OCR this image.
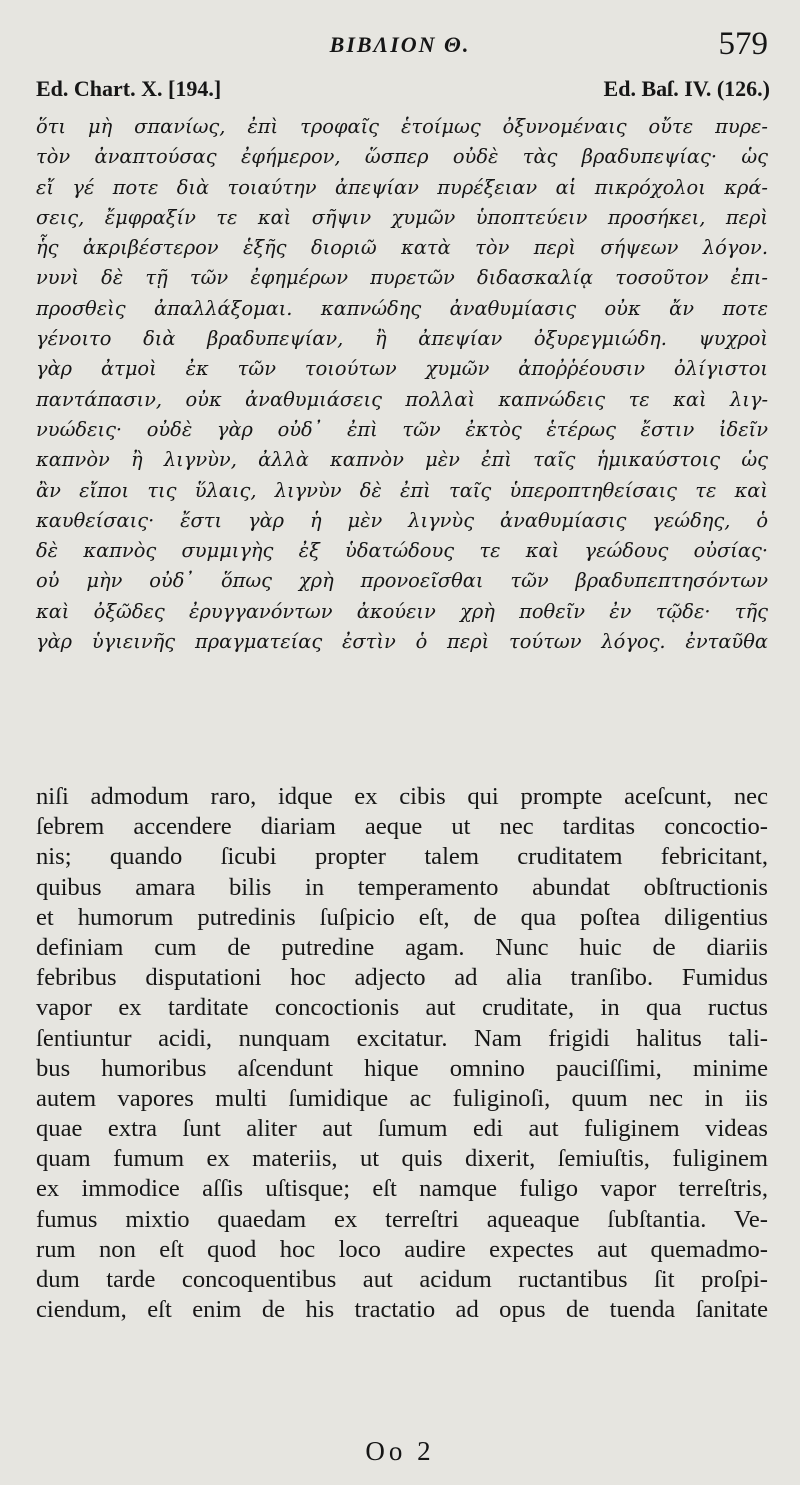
BIBΛION Θ.	579
Ed. Chart. X. [194.]	Ed. Baſ. IV. (126.)
ὅτι μὴ σπανίως, ἐπὶ τροφαῖς ἑτοίμως ὀξυνομέναις οὔτε πυρε-
τὸν ἀναπτούσας ἐφήμερον, ὥσπερ οὐδὲ τὰς βραδυπεψίας· ὡς
εἴ γέ ποτε διὰ τοιαύτην ἀπεψίαν πυρέξειαν αἱ πικρόχολοι κρά-
σεις, ἔμφραξίν τε καὶ σῆψιν χυμῶν ὑποπτεύειν προσήκει, περὶ
ἧς ἀκριβέστερον ἑξῆς διοριῶ κατὰ τὸν περὶ σήψεων λόγον.
νυνὶ δὲ τῇ τῶν ἐφημέρων πυρετῶν διδασκαλίᾳ τοσοῦτον ἐπι-
προσθεὶς ἀπαλλάξομαι. καπνώδης ἀναθυμίασις οὐκ ἄν ποτε
γένοιτο διὰ βραδυπεψίαν, ἢ ἀπεψίαν ὀξυρεγμιώδη. ψυχροὶ
γὰρ ἀτμοὶ ἐκ τῶν τοιούτων χυμῶν ἀποῤῥέουσιν ὀλίγιστοι
παντάπασιν, οὐκ ἀναθυμιάσεις πολλαὶ καπνώδεις τε καὶ λιγ-
νυώδεις· οὐδὲ γὰρ οὐδ᾽ ἐπὶ τῶν ἐκτὸς ἑτέρως ἔστιν ἰδεῖν
καπνὸν ἢ λιγνὺν, ἀλλὰ καπνὸν μὲν ἐπὶ ταῖς ἡμικαύστοις ὡς
ἂν εἴποι τις ὕλαις, λιγνὺν δὲ ἐπὶ ταῖς ὑπεροπτηθείσαις τε καὶ
καυθείσαις· ἔστι γὰρ ἡ μὲν λιγνὺς ἀναθυμίασις γεώδης, ὁ
δὲ καπνὸς συμμιγὴς ἐξ ὑδατώδους τε καὶ γεώδους οὐσίας·
οὐ μὴν οὐδ᾽ ὅπως χρὴ προνοεῖσθαι τῶν βραδυπεπτησόντων
καὶ ὀξῶδες ἐρυγγανόντων ἀκούειν χρὴ ποθεῖν ἐν τῷδε· τῆς
γὰρ ὑγιεινῆς πραγματείας ἐστὶν ὁ περὶ τούτων λόγος. ἐνταῦθα
niſi admodum raro, idque ex cibis qui prompte aceſcunt, nec
ſebrem accendere diariam aeque ut nec tarditas concoctio-
nis; quando ſicubi propter talem cruditatem febricitant,
quibus amara bilis in temperamento abundat obſtructionis
et humorum putredinis ſuſpicio eſt, de qua poſtea diligentius
definiam cum de putredine agam. Nunc huic de diariis
febribus disputationi hoc adjecto ad alia tranſibo. Fumidus
vapor ex tarditate concoctionis aut cruditate, in qua ructus
ſentiuntur acidi, nunquam excitatur. Nam frigidi halitus tali-
bus humoribus aſcendunt hique omnino pauciſſimi, minime
autem vapores multi ſumidique ac fuliginoſi, quum nec in iis
quae extra ſunt aliter aut ſumum edi aut fuliginem videas
quam fumum ex materiis, ut quis dixerit, ſemiuſtis, fuliginem
ex immodice aſſis uſtisque; eſt namque fuligo vapor terreſtris,
fumus mixtio quaedam ex terreſtri aqueaque ſubſtantia. Ve-
rum non eſt quod hoc loco audire expectes aut quemadmo-
dum tarde concoquentibus aut acidum ructantibus ſit proſpi-
ciendum, eſt enim de his tractatio ad opus de tuenda ſanitate
Oo 2
